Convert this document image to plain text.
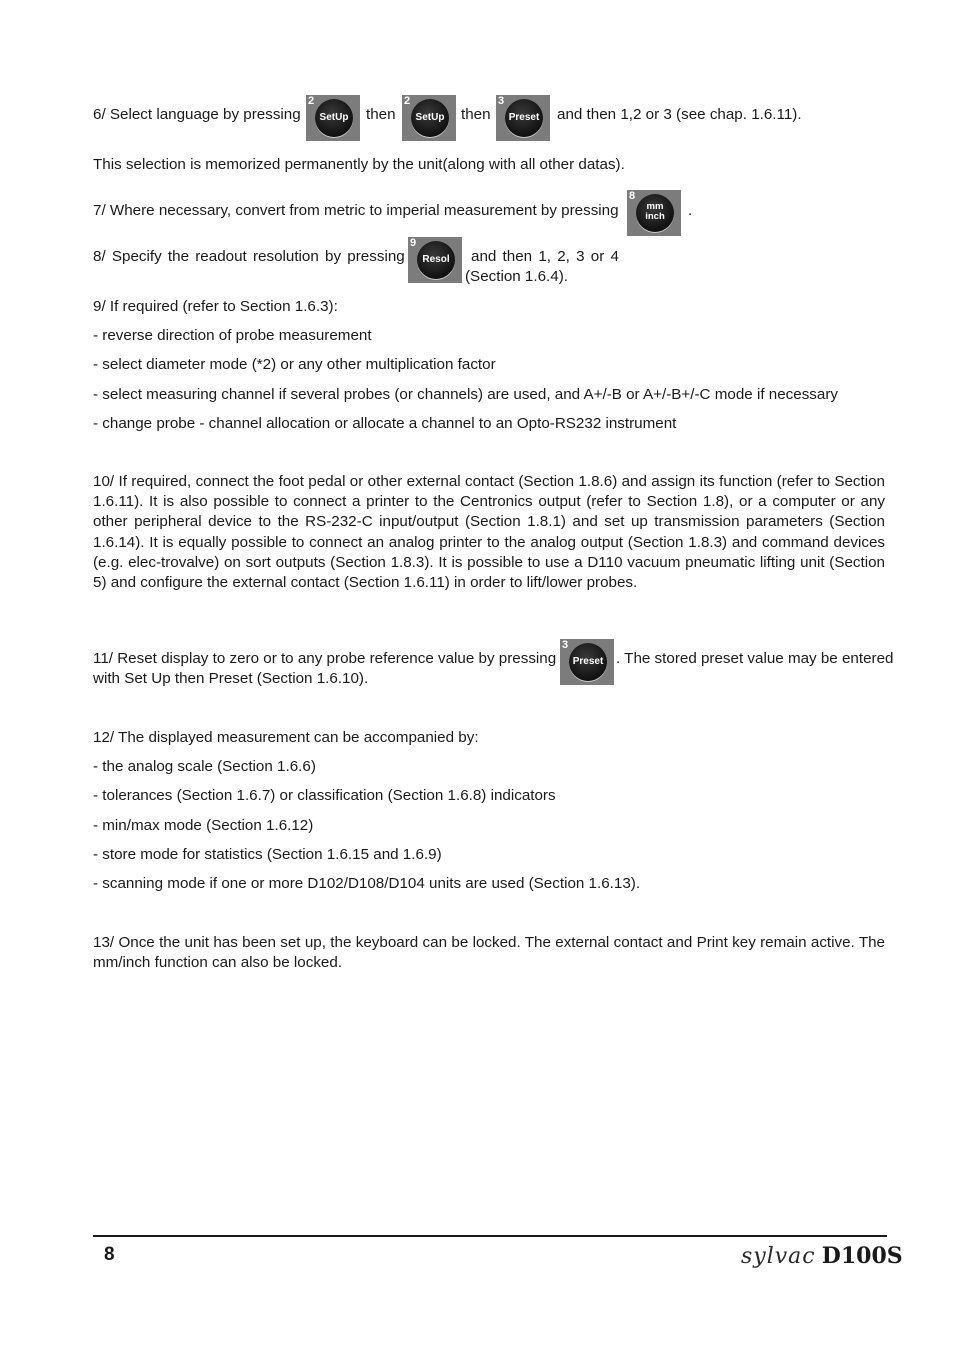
6/ Select language by pressing
2
SetUp then
2
SetUp then
3
Preset and then 1,2 or 3 (see chap. 1.6.11).
This selection is memorized permanently by the unit(along with all other datas).
7/ Where necessary, convert from metric to imperial measurement by pressing
8
mm
inch	.
8/ Specify the readout resolution by pressing
9
Resol	and then 1, 2, 3 or 4
(Section 1.6.4).
9/ If required (refer to Section 1.6.3):
- reverse direction of probe measurement
- select diameter mode (*2) or any other multiplication factor
- select measuring channel if several probes (or channels) are used, and A+/-B or A+/-B+/-C mode if necessary
- change probe - channel allocation or allocate a channel to an Opto-RS232 instrument
10/ If required, connect the foot pedal or other external contact (Section 1.8.6) and assign its function (refer to Section 1.6.11). It is also possible to connect a printer to the Centronics output (refer to Section 1.8), or a computer or any other peripheral device to the RS-232-C input/output (Section 1.8.1) and set up transmission parameters (Section 1.6.14). It is equally possible to connect an analog printer to the analog output (Section 1.8.3) and command devices (e.g. elec-trovalve) on sort outputs (Section 1.8.3). It is possible to use a D110 vacuum pneumatic lifting unit (Section 5) and configure the external contact (Section 1.6.11) in order to lift/lower probes.
11/ Reset display to zero or to any probe reference value by pressing
3
Preset . The stored preset value may be entered
with Set Up then Preset (Section 1.6.10).
12/ The displayed measurement can be accompanied by:
- the analog scale (Section 1.6.6)
- tolerances (Section 1.6.7) or classification (Section 1.6.8) indicators
- min/max mode (Section 1.6.12)
- store mode for statistics (Section 1.6.15 and 1.6.9)
- scanning mode if one or more D102/D108/D104 units are used (Section 1.6.13).
13/ Once the unit has been set up, the keyboard can be locked. The external contact and Print key remain active. The mm/inch function can also be locked.
8	sylvac D100S
